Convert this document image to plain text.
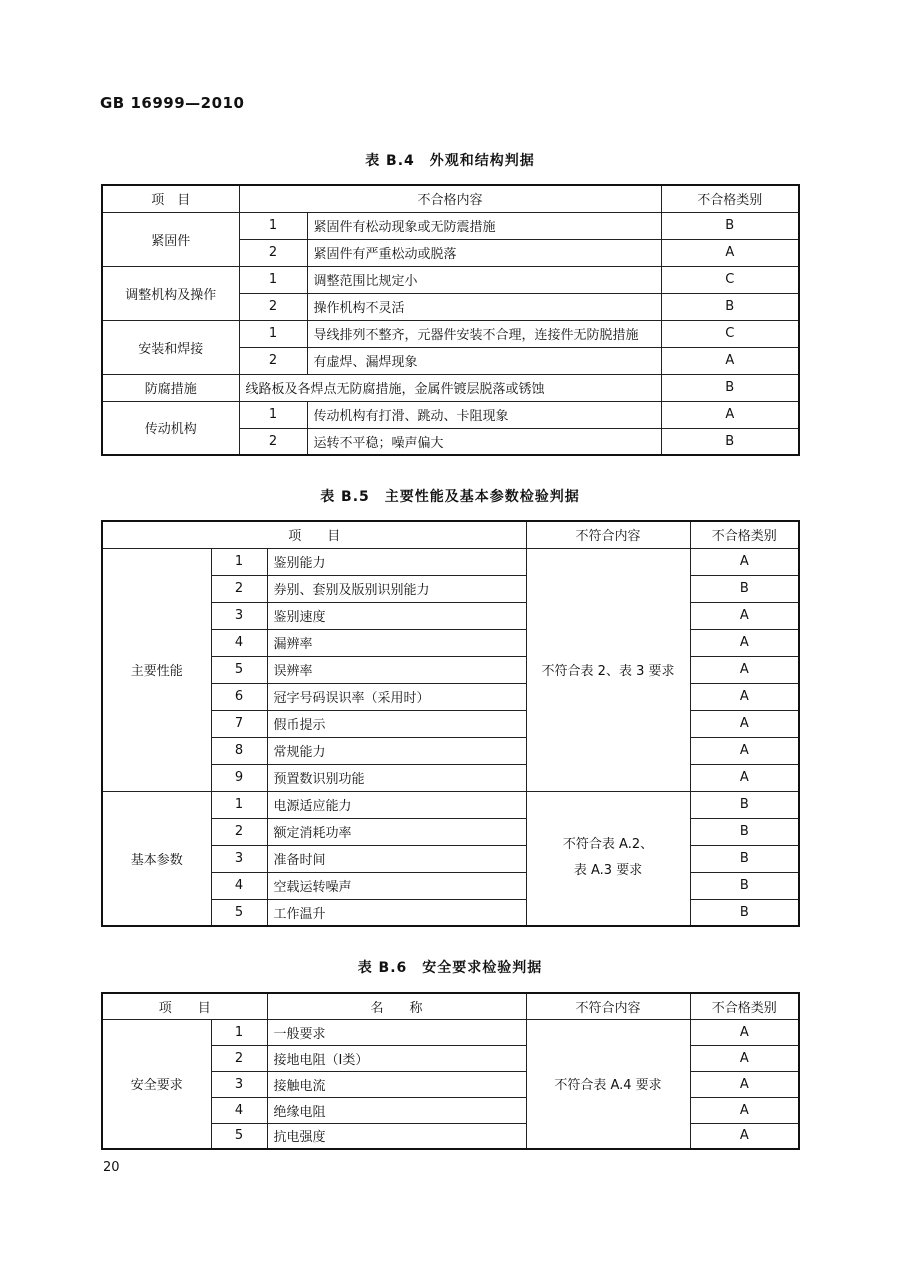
GB 16999—2010
表 B.4　外观和结构判据
项　目	不合格内容		不合格类别
紧固件	1	紧固件有松动现象或无防震措施	B
	2	紧固件有严重松动或脱落	A
调整机构及操作	1	调整范围比规定小	C
	2	操作机构不灵活	B
安装和焊接	1	导线排列不整齐，元器件安装不合理，连接件无防脱措施	C
	2	有虚焊、漏焊现象	A
防腐措施	线路板及各焊点无防腐措施，金属件镀层脱落或锈蚀		B
传动机构	1	传动机构有打滑、跳动、卡阻现象	A
	2	运转不平稳；噪声偏大	B
表 B.5　主要性能及基本参数检验判据
项　　目			不符合内容	不合格类别
主要性能	1	鉴别能力	不符合表 2、表 3 要求	A
	2	券别、套别及版别识别能力		B
	3	鉴别速度		A
	4	漏辨率		A
	5	误辨率		A
	6	冠字号码误识率（采用时）		A
	7	假币提示		A
	8	常规能力		A
	9	预置数识别功能		A
基本参数	1	电源适应能力	不符合表 A.2、
表 A.3 要求	B
	2	额定消耗功率		B
	3	准备时间		B
	4	空载运转噪声		B
	5	工作温升		B
表 B.6　安全要求检验判据
项　　目		名　　称	不符合内容	不合格类别
安全要求	1	一般要求	不符合表 A.4 要求	A
	2	接地电阻（Ⅰ类）		A
	3	接触电流		A
	4	绝缘电阻		A
	5	抗电强度		A
20
